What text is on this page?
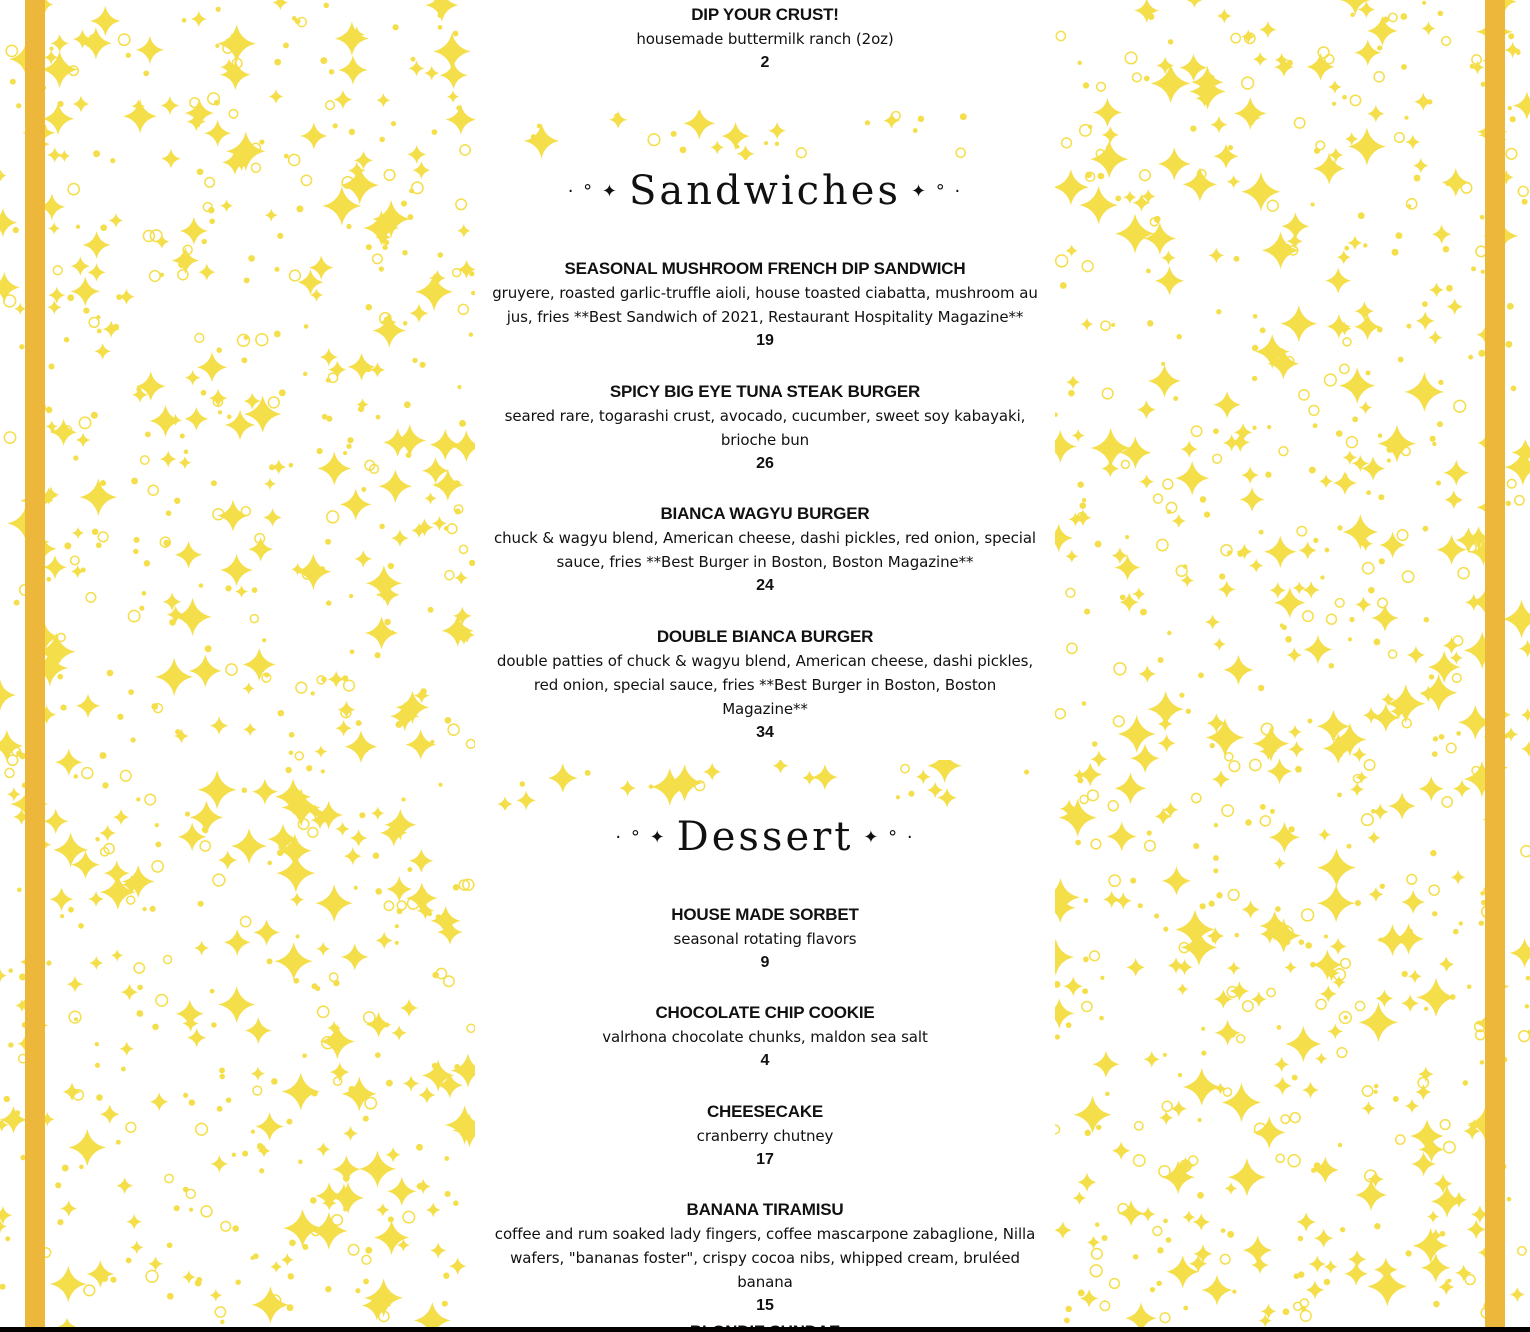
DIP YOUR CRUST!
housemade buttermilk ranch (2oz)
2
· ° ✦ Sandwiches ✦ ° ·
SEASONAL MUSHROOM FRENCH DIP SANDWICH
gruyere, roasted garlic-truffle aioli, house toasted ciabatta, mushroom au jus, fries **Best Sandwich of 2021, Restaurant Hospitality Magazine**
19
SPICY BIG EYE TUNA STEAK BURGER
seared rare, togarashi crust, avocado, cucumber, sweet soy kabayaki, brioche bun
26
BIANCA WAGYU BURGER
chuck & wagyu blend, American cheese, dashi pickles, red onion, special sauce, fries **Best Burger in Boston, Boston Magazine**
24
DOUBLE BIANCA BURGER
double patties of chuck & wagyu blend, American cheese, dashi pickles, red onion, special sauce, fries **Best Burger in Boston, Boston Magazine**
34
· ° ✦ Dessert ✦ ° ·
HOUSE MADE SORBET
seasonal rotating flavors
9
CHOCOLATE CHIP COOKIE
valrhona chocolate chunks, maldon sea salt
4
CHEESECAKE
cranberry chutney
17
BANANA TIRAMISU
coffee and rum soaked lady fingers, coffee mascarpone zabaglione, Nilla wafers, "bananas foster", crispy cocoa nibs, whipped cream, bruléed banana
15
